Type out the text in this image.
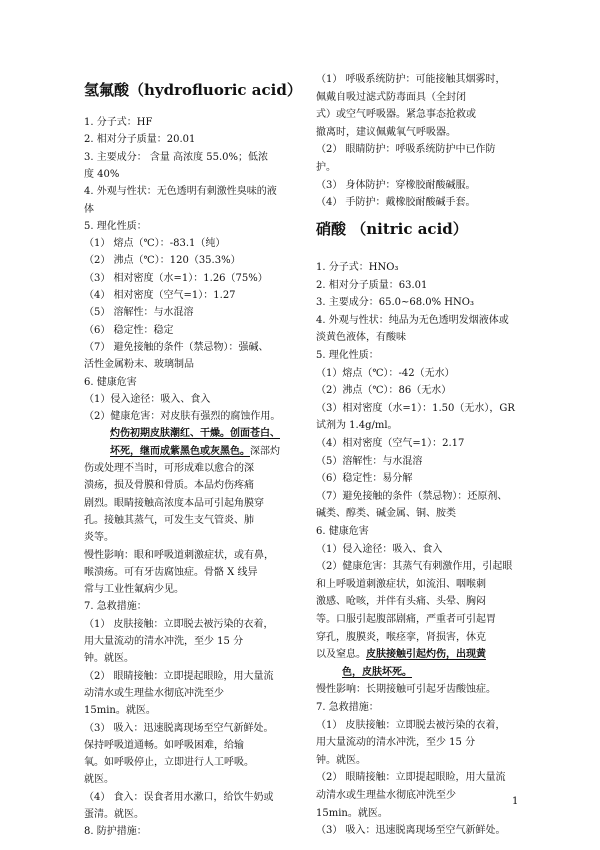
氢氟酸（hydrofluoric acid）
1. 分子式：HF
2. 相对分子质量：20.01
3. 主要成分： 含量 高浓度 55.0%；低浓
度 40%
4. 外观与性状：无色透明有刺激性臭味的液
体
5. 理化性质：
（1） 熔点（℃）：-83.1（纯）
（2） 沸点（℃）：120（35.3%）
（3） 相对密度（水=1）：1.26（75%）
（4） 相对密度（空气=1）：1.27
（5） 溶解性：与水混溶
（6） 稳定性：稳定
（7） 避免接触的条件（禁忌物）：强碱、
活性金属粉末、玻璃制品
6. 健康危害
（1）侵入途径：吸入、食入
（2）健康危害：对皮肤有强烈的腐蚀作用。
伤或处理不当时，可形成难以愈合的深
溃疡，损及骨膜和骨质。本品灼伤疼痛
剧烈。眼睛接触高浓度本品可引起角膜穿
孔。接触其蒸气，可发生支气管炎、肺
炎等。
慢性影响：眼和呼吸道刺激症状，或有鼻，
喉溃疡。可有牙齿腐蚀症。骨骼 X 线异
常与工业性氟病少见。
7. 急救措施：
（1） 皮肤接触：立即脱去被污染的衣着，
用大量流动的清水冲洗，至少 15 分
钟。就医。
（2） 眼睛接触：立即提起眼睑，用大量流
动清水或生理盐水彻底冲洗至少
15min。就医。
（3） 吸入：迅速脱离现场至空气新鲜处。
保持呼吸道通畅。如呼吸困难，给输
氧。如呼吸停止，立即进行人工呼吸。
就医。
（4） 食入：误食者用水漱口，给饮牛奶或
蛋清。就医。
8. 防护措施：
灼伤初期皮肤潮红、干燥。创面苍白、
坏死，继而成紫黑色或灰黑色。深部灼
（1） 呼吸系统防护：可能接触其烟雾时，
佩戴自吸过滤式防毒面具（全封闭
式）或空气呼吸器。紧急事态抢救或
撤离时，建议佩戴氧气呼吸器。
（2） 眼睛防护：呼吸系统防护中已作防
护。
（3） 身体防护：穿橡胶耐酸碱服。
（4） 手防护：戴橡胶耐酸碱手套。
硝酸 （nitric acid）
1. 分子式：HNO₃
2. 相对分子质量：63.01
3. 主要成分：65.0~68.0% HNO₃
4. 外观与性状：纯品为无色透明发烟液体或
淡黄色液体，有酸味
5. 理化性质：
（1）熔点（℃）：-42（无水）
（2）沸点（℃）：86（无水）
（3）相对密度（水=1）：1.50（无水），GR
试剂为 1.4g/ml。
（4）相对密度（空气=1）：2.17
（5）溶解性：与水混溶
（6）稳定性：易分解
（7）避免接触的条件（禁忌物）：还原剂、
碱类、醇类、碱金属、铜、胺类
6. 健康危害
（1）侵入途径：吸入、食入
（2）健康危害：其蒸气有刺激作用，引起眼
和上呼吸道刺激症状，如流泪、咽喉刺
激感、呛咳，并伴有头痛、头晕、胸闷
等。口服引起腹部剧痛，严重者可引起胃
穿孔，腹膜炎，喉痉挛，肾损害，休克
慢性影响：长期接触可引起牙齿酸蚀症。
7. 急救措施：
（1） 皮肤接触：立即脱去被污染的衣着，
用大量流动的清水冲洗，至少 15 分
钟。就医。
（2） 眼睛接触：立即提起眼睑，用大量流
动清水或生理盐水彻底冲洗至少
15min。就医。
（3） 吸入：迅速脱离现场至空气新鲜处。
以及窒息。皮肤接触引起灼伤，出现黄
色，皮肤坏死。
1
